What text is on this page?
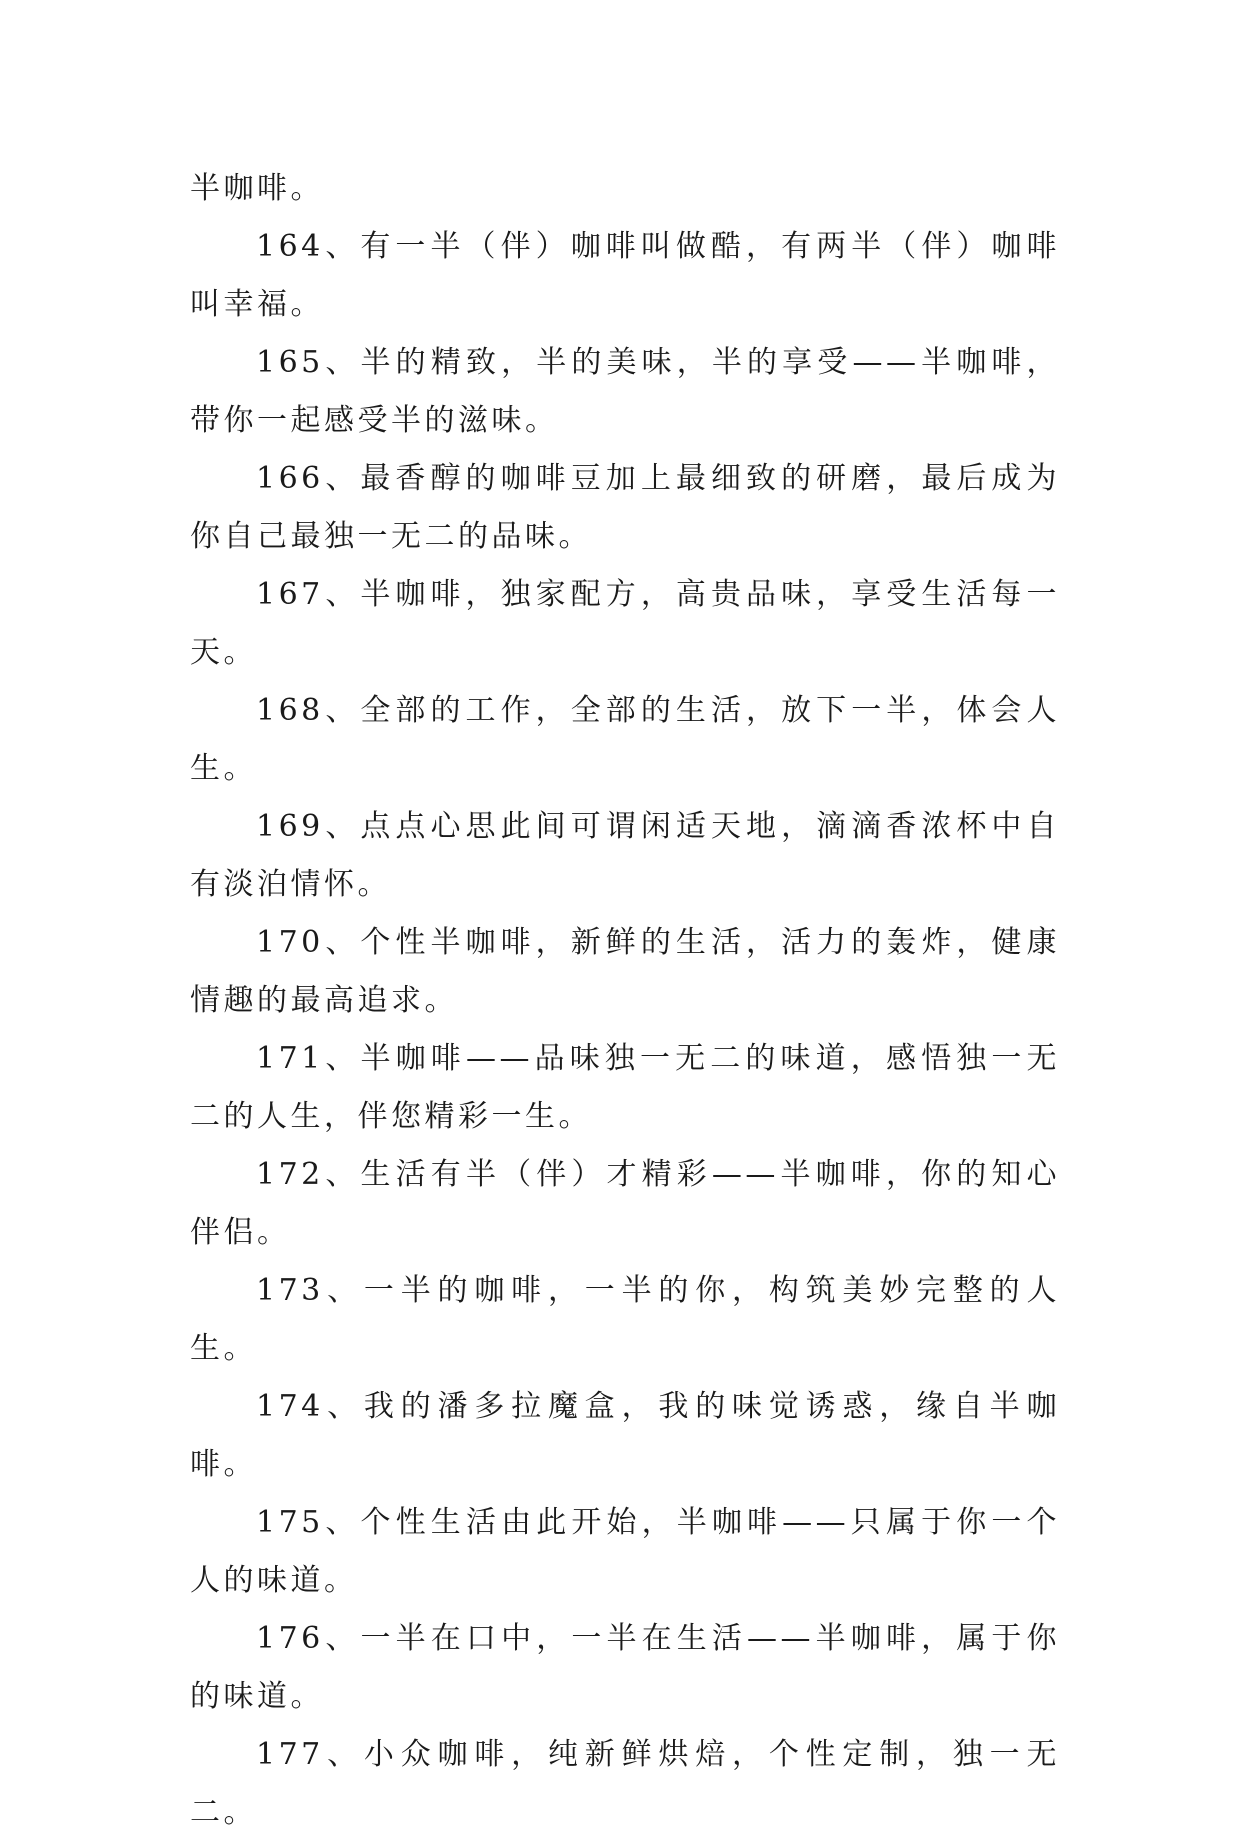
半咖啡。

164、有一半（伴）咖啡叫做酷，有两半（伴）咖啡叫幸福。

165、半的精致，半的美味，半的享受——半咖啡，带你一起感受半的滋味。

166、最香醇的咖啡豆加上最细致的研磨，最后成为你自己最独一无二的品味。

167、半咖啡，独家配方，高贵品味，享受生活每一天。

168、全部的工作，全部的生活，放下一半，体会人生。

169、点点心思此间可谓闲适天地，滴滴香浓杯中自有淡泊情怀。

170、个性半咖啡，新鲜的生活，活力的轰炸，健康情趣的最高追求。

171、半咖啡——品味独一无二的味道，感悟独一无二的人生，伴您精彩一生。

172、生活有半（伴）才精彩——半咖啡，你的知心伴侣。

173、一半的咖啡，一半的你，构筑美妙完整的人生。

174、我的潘多拉魔盒，我的味觉诱惑，缘自半咖啡。

175、个性生活由此开始，半咖啡——只属于你一个人的味道。

176、一半在口中，一半在生活——半咖啡，属于你的味道。

177、小众咖啡，纯新鲜烘焙，个性定制，独一无二。
